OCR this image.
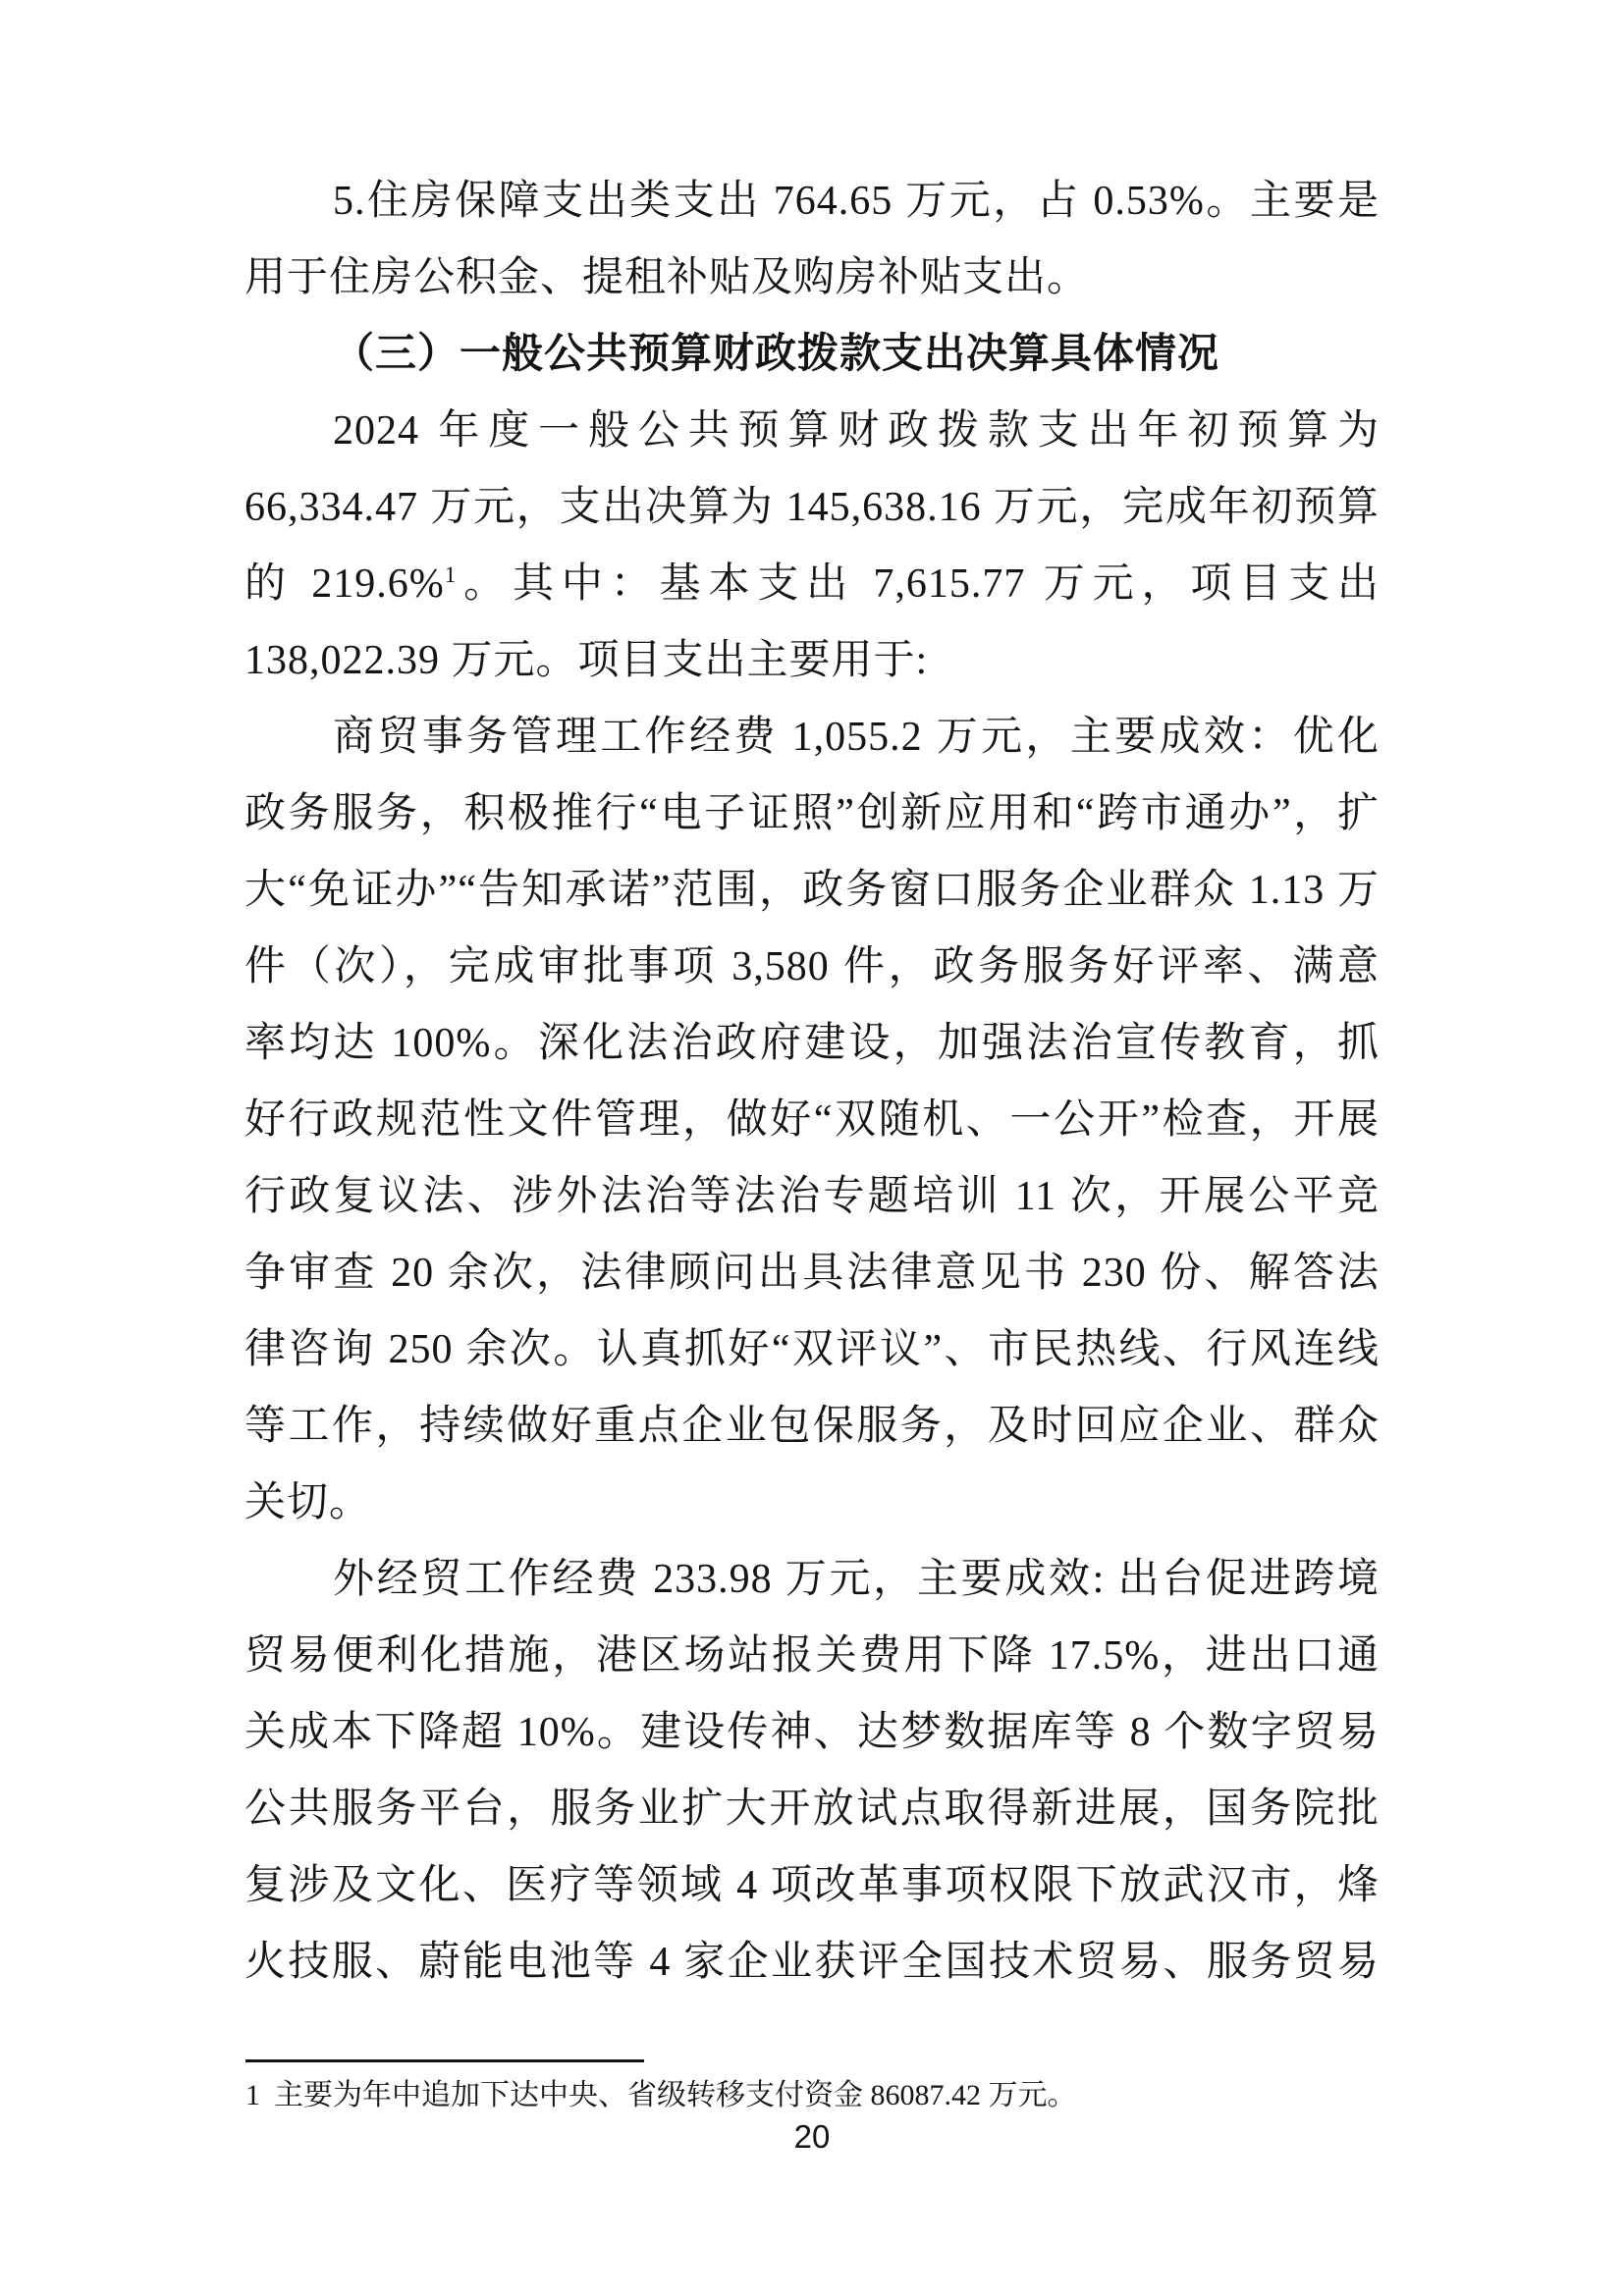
5.住房保障支出类支出 764.65 万元，占 0.53%。主要是
用于住房公积金、提租补贴及购房补贴支出。
（三）一般公共预算财政拨款支出决算具体情况
2024 年度一般公共预算财政拨款支出年初预算为
66,334.47 万元，支出决算为 145,638.16 万元，完成年初预算
的 219.6%$^1$。其中：基本支出 7,615.77 万元，项目支出
138,022.39 万元。项目支出主要用于:
商贸事务管理工作经费 1,055.2 万元，主要成效：优化
政务服务，积极推行“电子证照”创新应用和“跨市通办”，扩
大“免证办”“告知承诺”范围，政务窗口服务企业群众 1.13 万
件（次），完成审批事项 3,580 件，政务服务好评率、满意
率均达 100%。深化法治政府建设，加强法治宣传教育，抓
好行政规范性文件管理，做好“双随机、一公开”检查，开展
行政复议法、涉外法治等法治专题培训 11 次，开展公平竞
争审查 20 余次，法律顾问出具法律意见书 230 份、解答法
律咨询 250 余次。认真抓好“双评议”、市民热线、行风连线
等工作，持续做好重点企业包保服务，及时回应企业、群众
关切。
外经贸工作经费 233.98 万元，主要成效: 出台促进跨境
贸易便利化措施，港区场站报关费用下降 17.5%，进出口通
关成本下降超 10%。建设传神、达梦数据库等 8 个数字贸易
公共服务平台，服务业扩大开放试点取得新进展，国务院批
复涉及文化、医疗等领域 4 项改革事项权限下放武汉市，烽
火技服、蔚能电池等 4 家企业获评全国技术贸易、服务贸易
1 主要为年中追加下达中央、省级转移支付资金 86087.42 万元。
20
